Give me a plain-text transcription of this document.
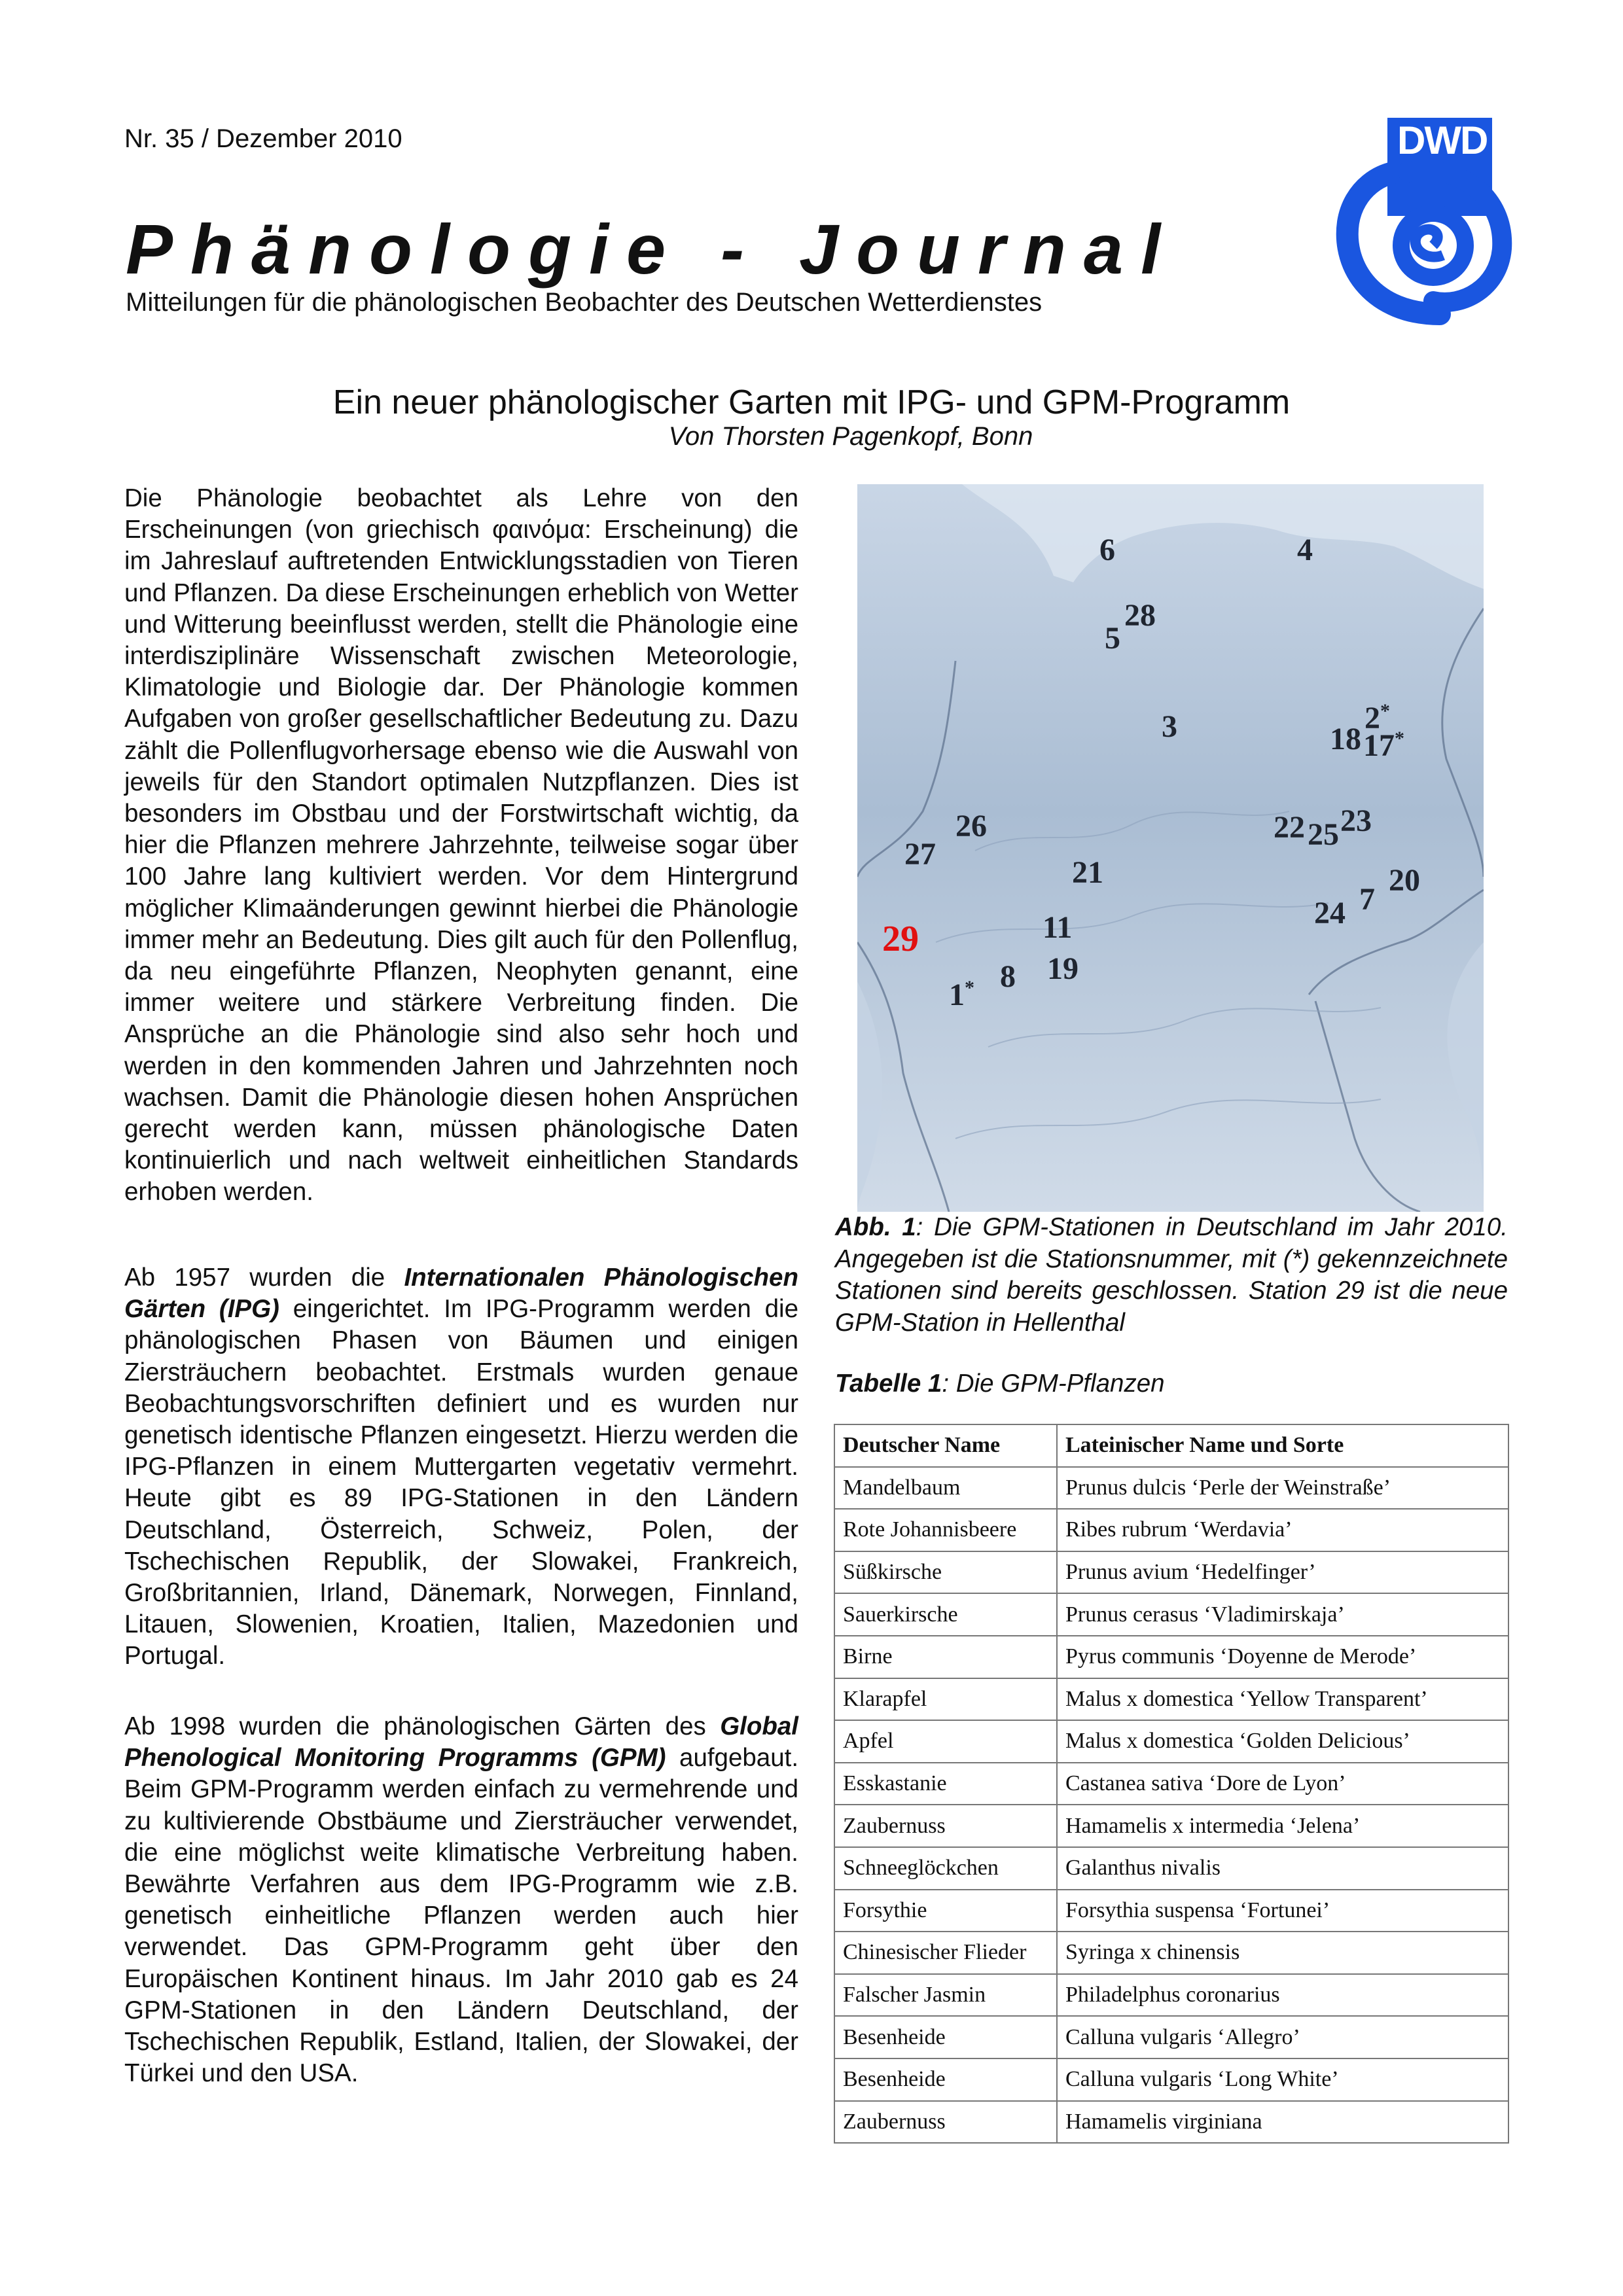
Nr. 35 / Dezember 2010
Phänologie - Journal
Mitteilungen für die phänologischen Beobachter des Deutschen Wetterdienstes
DWD
Ein neuer phänologischer Garten mit IPG- und GPM-Programm
Von Thorsten Pagenkopf, Bonn

Die Phänologie beobachtet als Lehre von den Erscheinungen (von griechisch φαινόμα: Erscheinung) die im Jahreslauf auftretenden Entwicklungsstadien von Tieren und Pflanzen. Da diese Erscheinungen erheblich von Wetter und Witterung beeinflusst werden, stellt die Phänologie eine interdisziplinäre Wissenschaft zwischen Meteorologie, Klimatologie und Biologie dar. Der Phänologie kommen Aufgaben von großer gesellschaftlicher Bedeutung zu. Dazu zählt die Pollenflugvorhersage ebenso wie die Auswahl von jeweils für den Standort optimalen Nutzpflanzen. Dies ist besonders im Obstbau und der Forstwirtschaft wichtig, da hier die Pflanzen mehrere Jahrzehnte, teilweise sogar über 100 Jahre lang kultiviert werden. Vor dem Hintergrund möglicher Klimaänderungen gewinnt hierbei die Phänologie immer mehr an Bedeutung. Dies gilt auch für den Pollenflug, da neu eingeführte Pflanzen, Neophyten genannt, eine immer weitere und stärkere Verbreitung finden. Die Ansprüche an die Phänologie sind also sehr hoch und werden in den kommenden Jahren und Jahrzehnten noch wachsen. Damit die Phänologie diesen hohen Ansprüchen gerecht werden kann, müssen phänologische Daten kontinuierlich und nach weltweit einheitlichen Standards erhoben werden.

Ab 1957 wurden die Internationalen Phänologischen Gärten (IPG) eingerichtet. Im IPG-Programm werden die phänologischen Phasen von Bäumen und einigen Ziersträuchern beobachtet. Erstmals wurden genaue Beobachtungsvorschriften definiert und es wurden nur genetisch identische Pflanzen eingesetzt. Hierzu werden die IPG-Pflanzen in einem Muttergarten vegetativ vermehrt. Heute gibt es 89 IPG-Stationen in den Ländern Deutschland, Österreich, Schweiz, Polen, der Tschechischen Republik, der Slowakei, Frankreich, Großbritannien, Irland, Dänemark, Norwegen, Finnland, Litauen, Slowenien, Kroatien, Italien, Mazedonien und Portugal.

Ab 1998 wurden die phänologischen Gärten des Global Phenological Monitoring Programms (GPM) aufgebaut. Beim GPM-Programm werden einfach zu vermehrende und zu kultivierende Obstbäume und Ziersträucher verwendet, die eine möglichst weite klimatische Verbreitung haben. Bewährte Verfahren aus dem IPG-Programm wie z.B. genetisch einheitliche Pflanzen werden auch hier verwendet. Das GPM-Programm geht über den Europäischen Kontinent hinaus. Im Jahr 2010 gab es 24 GPM-Stationen in den Ländern Deutschland, der Tschechischen Republik, Estland, Italien, der Slowakei, der Türkei und den USA.

6	4
28
5
3	2*
18 17*
26
27
22 25 23
21	20
7
24
11
29
19
8
1*
Abb. 1: Die GPM-Stationen in Deutschland im Jahr 2010. Angegeben ist die Stationsnummer, mit (*) gekennzeichnete Stationen sind bereits geschlossen. Station 29 ist die neue GPM-Station in Hellenthal
Tabelle 1: Die GPM-Pflanzen
Deutscher Name	Lateinischer Name und Sorte
Mandelbaum	Prunus dulcis ‘Perle der Weinstraße’
Rote Johannisbeere	Ribes rubrum ‘Werdavia’
Süßkirsche	Prunus avium ‘Hedelfinger’
Sauerkirsche	Prunus cerasus ‘Vladimirskaja’
Birne	Pyrus communis ‘Doyenne de Merode’
Klarapfel	Malus x domestica ‘Yellow Transparent’
Apfel	Malus x domestica ‘Golden Delicious’
Esskastanie	Castanea sativa ‘Dore de Lyon’
Zaubernuss	Hamamelis x intermedia ‘Jelena’
Schneeglöckchen	Galanthus nivalis
Forsythie	Forsythia suspensa ‘Fortunei’
Chinesischer Flieder	Syringa x chinensis
Falscher Jasmin	Philadelphus coronarius
Besenheide	Calluna vulgaris ‘Allegro’
Besenheide	Calluna vulgaris ‘Long White’
Zaubernuss	Hamamelis virginiana
